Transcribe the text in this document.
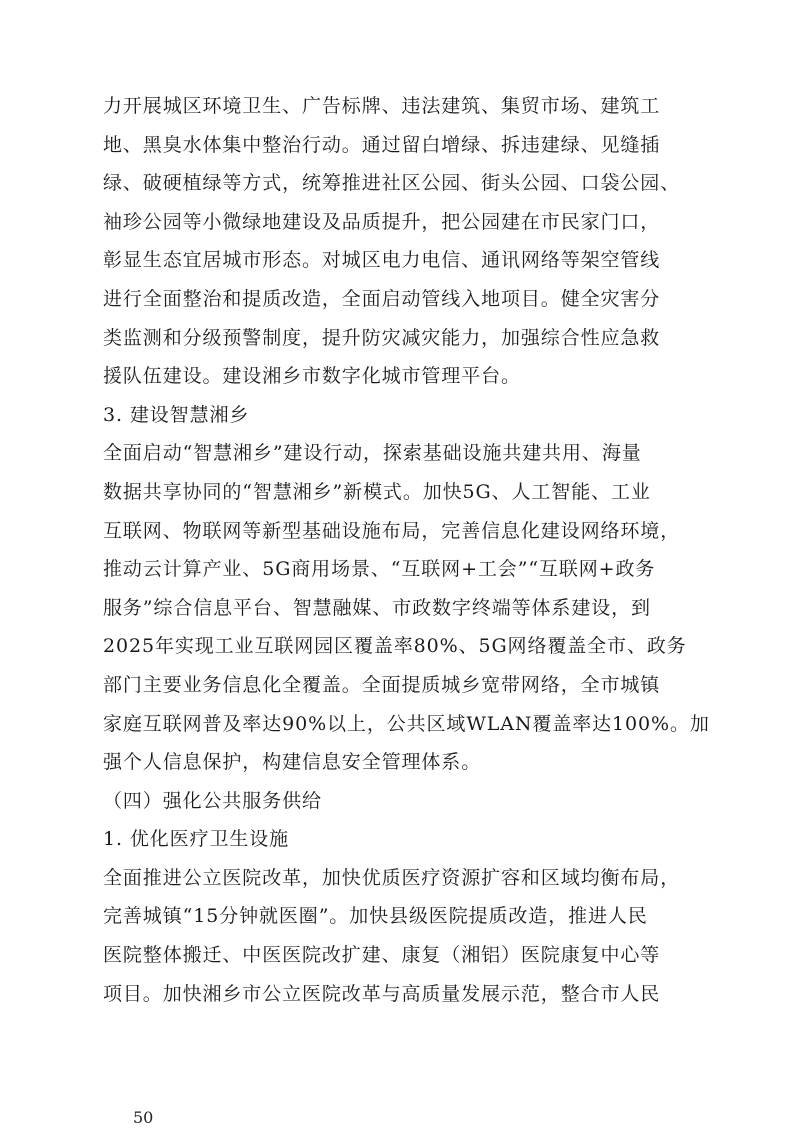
力开展城区环境卫生、广告标牌、违法建筑、集贸市场、建筑工
地、黑臭水体集中整治行动。通过留白增绿、拆违建绿、见缝插
绿、破硬植绿等方式，统筹推进社区公园、街头公园、口袋公园、
袖珍公园等小微绿地建设及品质提升，把公园建在市民家门口，
彰显生态宜居城市形态。对城区电力电信、通讯网络等架空管线
进行全面整治和提质改造，全面启动管线入地项目。健全灾害分
类监测和分级预警制度，提升防灾减灾能力，加强综合性应急救
援队伍建设。建设湘乡市数字化城市管理平台。
3. 建设智慧湘乡
全面启动“智慧湘乡”建设行动，探索基础设施共建共用、海量
数据共享协同的“智慧湘乡”新模式。加快5G、人工智能、工业
互联网、物联网等新型基础设施布局，完善信息化建设网络环境，
推动云计算产业、5G商用场景、“互联网+工会”“互联网+政务
服务”综合信息平台、智慧融媒、市政数字终端等体系建设，到
2025年实现工业互联网园区覆盖率80%、5G网络覆盖全市、政务
部门主要业务信息化全覆盖。全面提质城乡宽带网络，全市城镇
家庭互联网普及率达90%以上，公共区域WLAN覆盖率达100%。加
强个人信息保护，构建信息安全管理体系。
（四）强化公共服务供给
1. 优化医疗卫生设施
全面推进公立医院改革，加快优质医疗资源扩容和区域均衡布局，
完善城镇“15分钟就医圈”。加快县级医院提质改造，推进人民
医院整体搬迁、中医医院改扩建、康复（湘铝）医院康复中心等
项目。加快湘乡市公立医院改革与高质量发展示范，整合市人民
50
